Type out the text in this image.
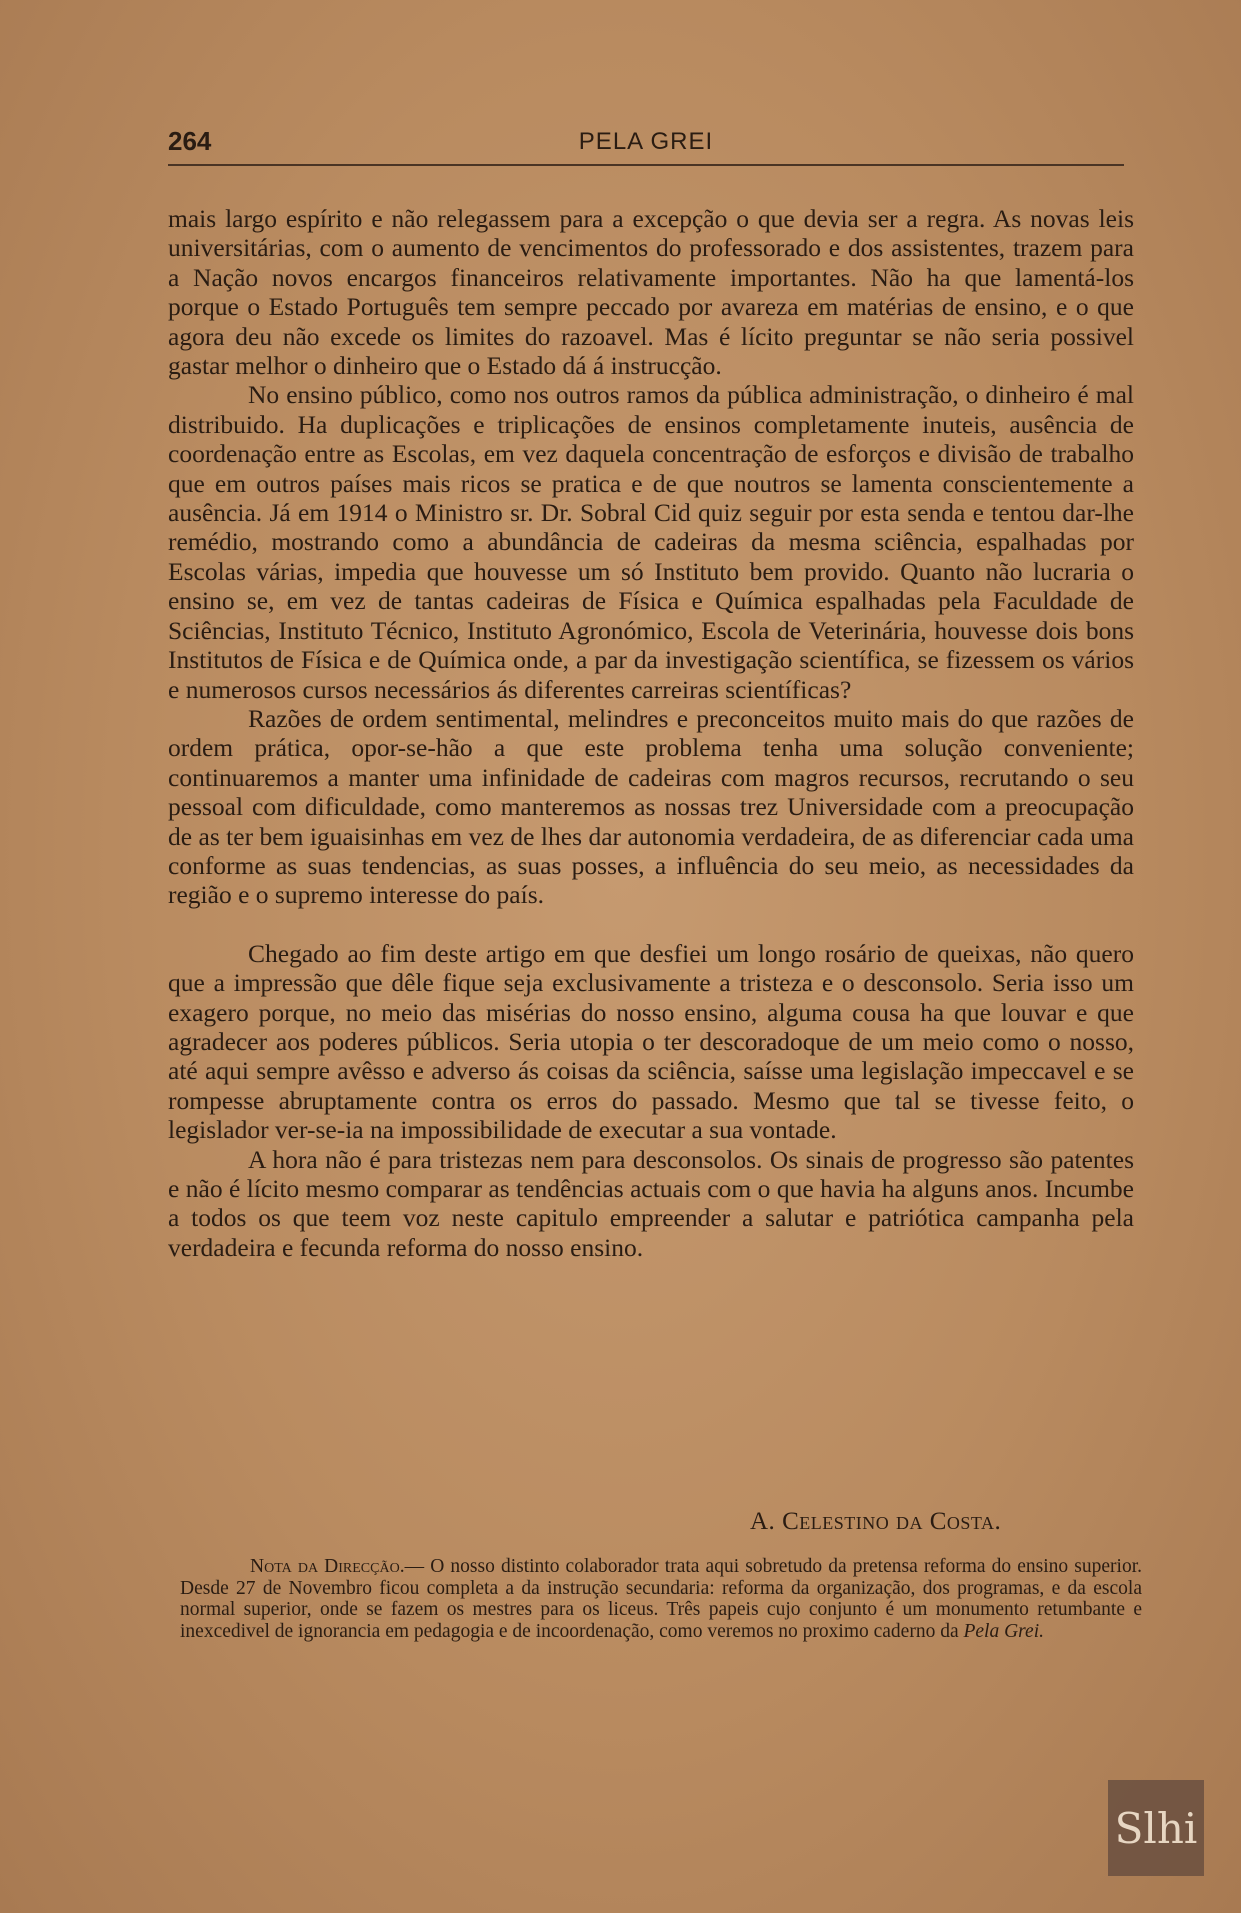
264	PELA GREI

mais largo espírito e não relegassem para a excepção o que devia ser a regra. As novas leis universitárias, com o aumento de vencimentos do professorado e dos assistentes, trazem para a Nação novos encargos financeiros relativamente importantes. Não ha que lamentá-los porque o Estado Português tem sempre peccado por avareza em matérias de ensino, e o que agora deu não excede os limites do razoavel. Mas é lícito preguntar se não seria possivel gastar melhor o dinheiro que o Estado dá á instrucção.

No ensino público, como nos outros ramos da pública administração, o dinheiro é mal distribuido. Ha duplicações e triplicações de ensinos completamente inuteis, ausência de coordenação entre as Escolas, em vez daquela concentração de esforços e divisão de trabalho que em outros países mais ricos se pratica e de que noutros se lamenta conscientemente a ausência. Já em 1914 o Ministro sr. Dr. Sobral Cid quiz seguir por esta senda e tentou dar-lhe remédio, mostrando como a abundância de cadeiras da mesma sciência, espalhadas por Escolas várias, impedia que houvesse um só Instituto bem provido. Quanto não lucraria o ensino se, em vez de tantas cadeiras de Física e Química espalhadas pela Faculdade de Sciências, Instituto Técnico, Instituto Agronómico, Escola de Veterinária, houvesse dois bons Institutos de Física e de Química onde, a par da investigação scientífica, se fizessem os vários e numerosos cursos necessários ás diferentes carreiras scientíficas?

Razões de ordem sentimental, melindres e preconceitos muito mais do que razões de ordem prática, opor-se-hão a que este problema tenha uma solução conveniente; continuaremos a manter uma infinidade de cadeiras com magros recursos, recrutando o seu pessoal com dificuldade, como manteremos as nossas trez Universidade com a preocupação de as ter bem iguaisinhas em vez de lhes dar autonomia verdadeira, de as diferenciar cada uma conforme as suas tendencias, as suas posses, a influência do seu meio, as necessidades da região e o supremo interesse do país.

Chegado ao fim deste artigo em que desfiei um longo rosário de queixas, não quero que a impressão que dêle fique seja exclusivamente a tristeza e o desconsolo. Seria isso um exagero porque, no meio das misérias do nosso ensino, alguma cousa ha que louvar e que agradecer aos poderes públicos. Seria utopia o ter descoradoque de um meio como o nosso, até aqui sempre avêsso e adverso ás coisas da sciência, saísse uma legislação impeccavel e se rompesse abruptamente contra os erros do passado. Mesmo que tal se tivesse feito, o legislador ver-se-ia na impossibilidade de executar a sua vontade.

A hora não é para tristezas nem para desconsolos. Os sinais de progresso são patentes e não é lícito mesmo comparar as tendências actuais com o que havia ha alguns anos. Incumbe a todos os que teem voz neste capitulo empreender a salutar e patriótica campanha pela verdadeira e fecunda reforma do nosso ensino.

A. Celestino da Costa.
Nota da Direcção.— O nosso distinto colaborador trata aqui sobretudo da pretensa reforma do ensino superior. Desde 27 de Novembro ficou completa a da instrução secundaria: reforma da organização, dos programas, e da escola normal superior, onde se fazem os mestres para os liceus. Três papeis cujo conjunto é um monumento retumbante e inexcedivel de ignorancia em pedagogia e de incoordenação, como veremos no proximo caderno da Pela Grei.
Slhi
